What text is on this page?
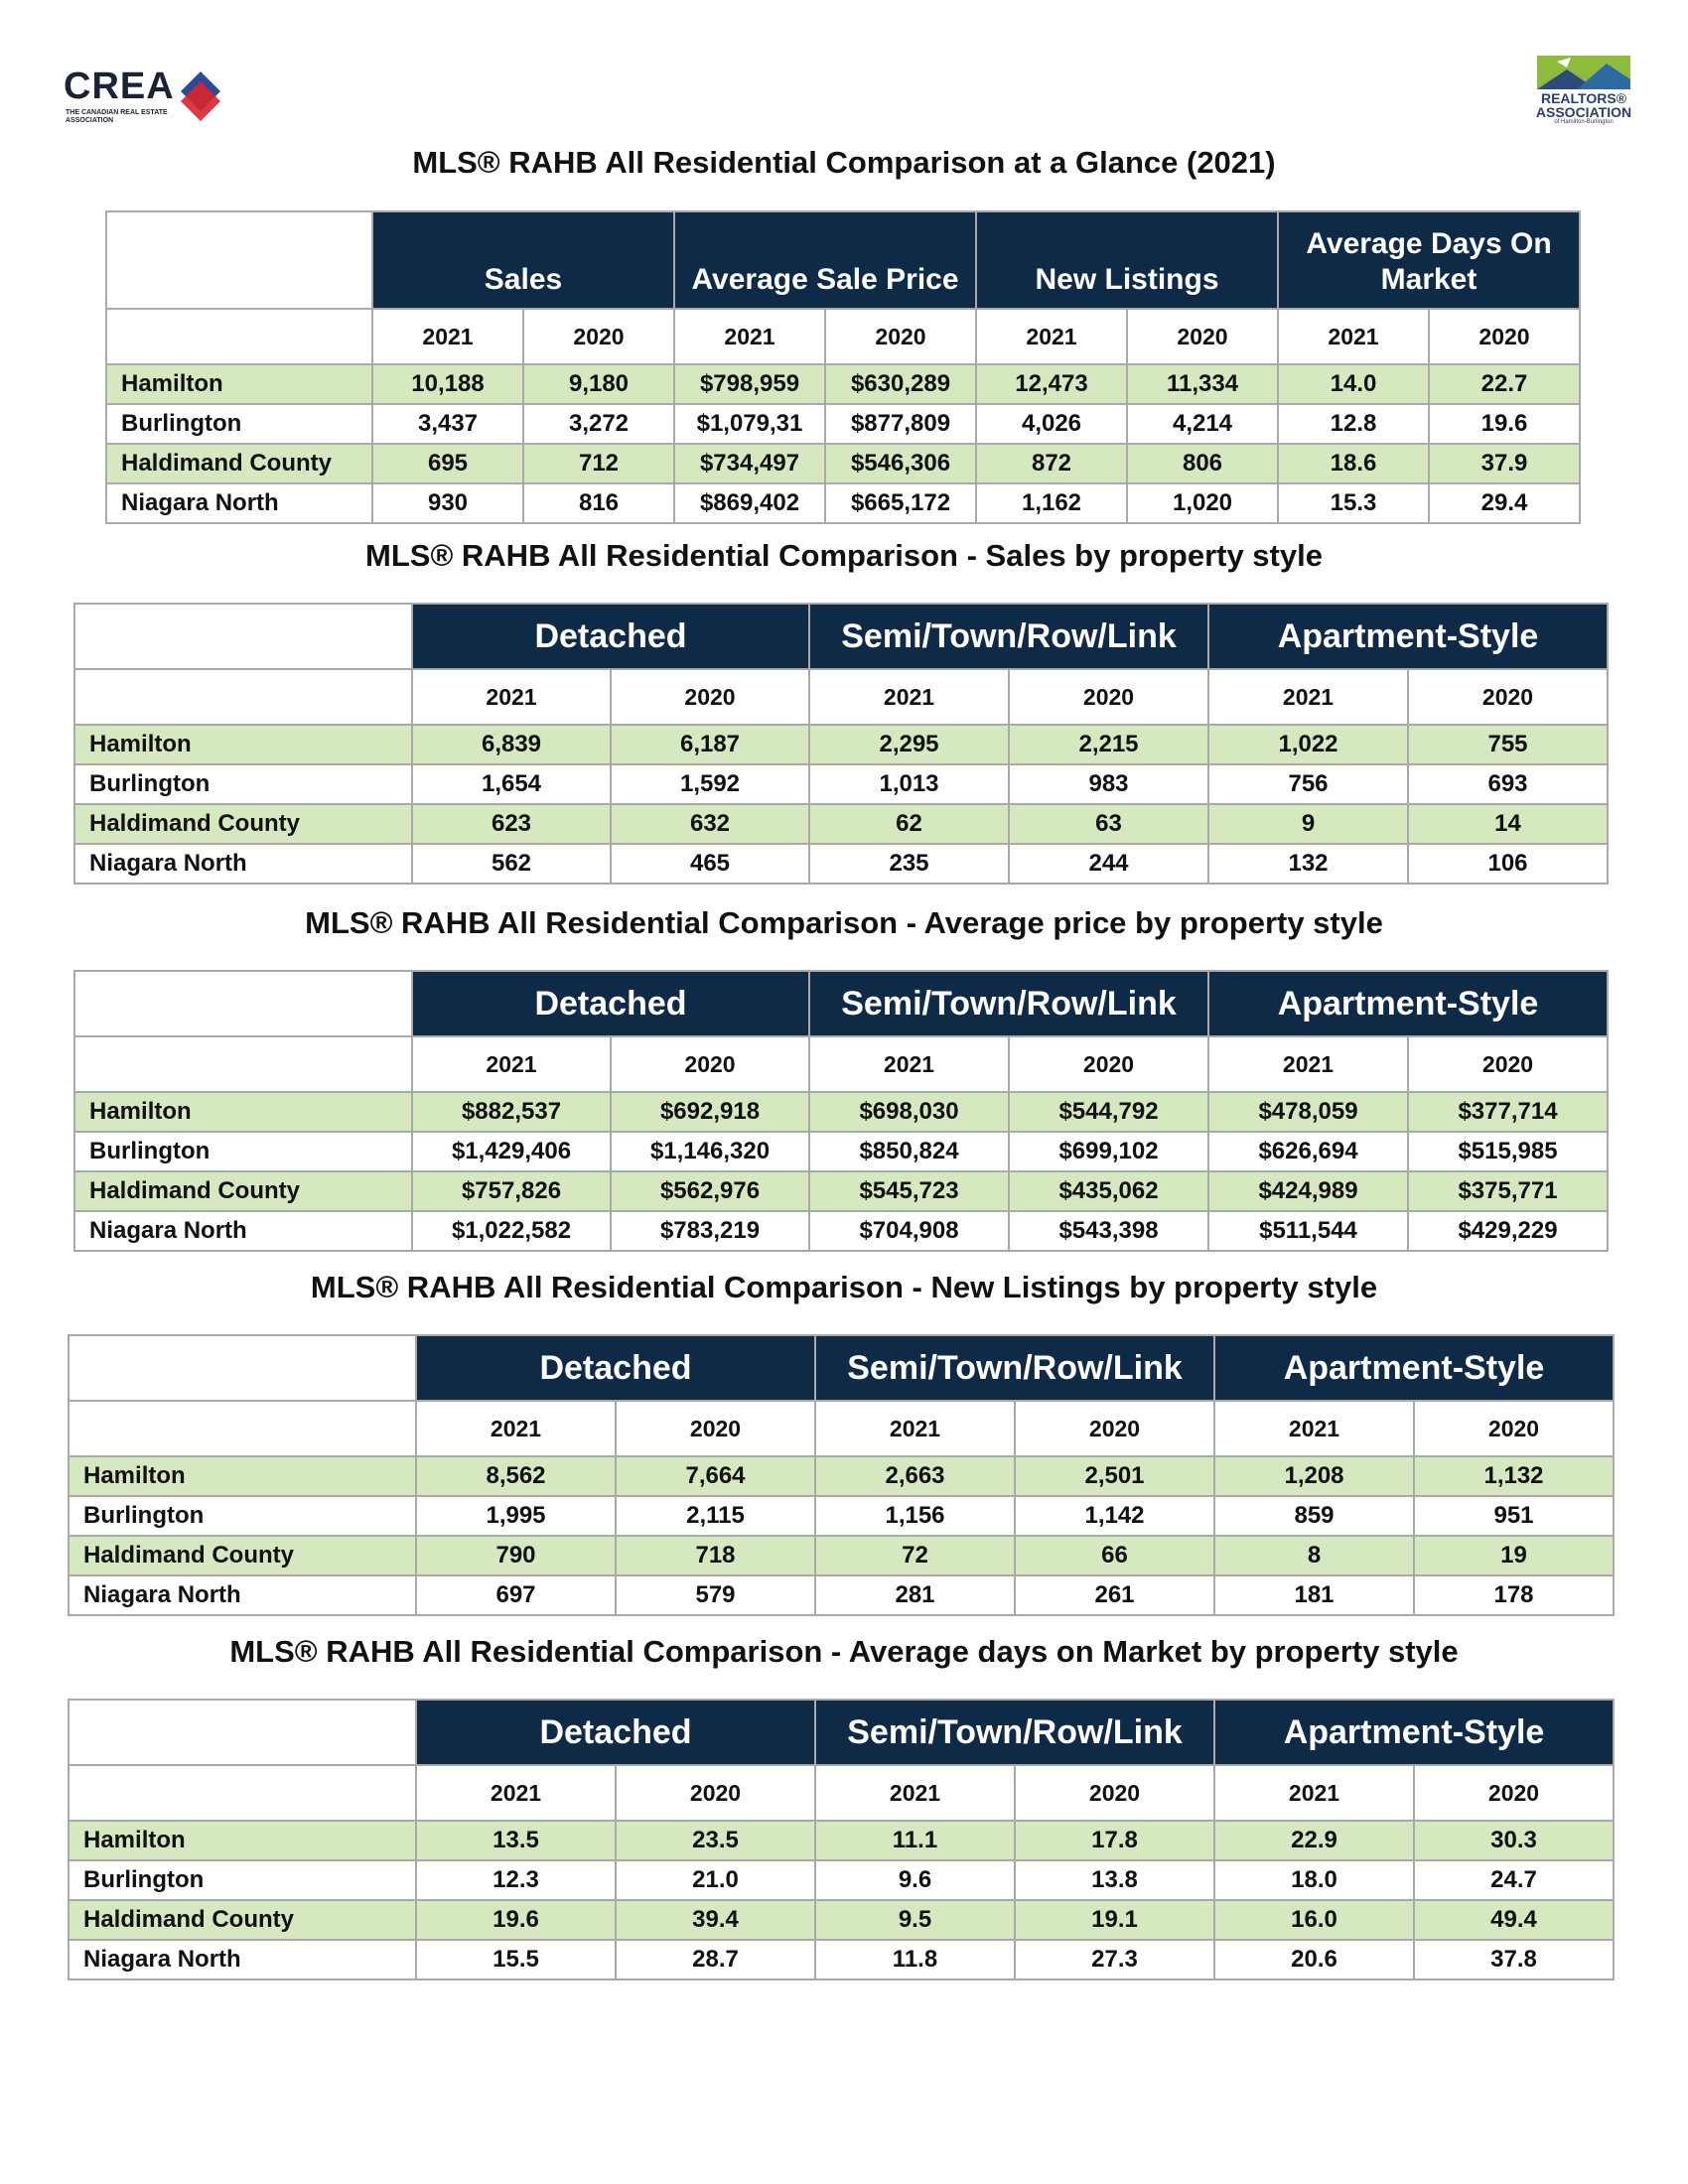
CREA
THE CANADIAN REAL ESTATE ASSOCIATION
REALTORS®
ASSOCIATION
of Hamilton-Burlington
MLS® RAHB All Residential Comparison at a Glance (2021)
	Sales		Average Sale Price		New Listings		Average Days On Market	
	2021	2020	2021	2020	2021	2020	2021	2020
Hamilton	10,188	9,180	$798,959	$630,289	12,473	11,334	14.0	22.7
Burlington	3,437	3,272	$1,079,31	$877,809	4,026	4,214	12.8	19.6
Haldimand County	695	712	$734,497	$546,306	872	806	18.6	37.9
Niagara North	930	816	$869,402	$665,172	1,162	1,020	15.3	29.4
MLS® RAHB All Residential Comparison - Sales by property style
	Detached		Semi/Town/Row/Link		Apartment-Style	
	2021	2020	2021	2020	2021	2020
Hamilton	6,839	6,187	2,295	2,215	1,022	755
Burlington	1,654	1,592	1,013	983	756	693
Haldimand County	623	632	62	63	9	14
Niagara North	562	465	235	244	132	106
MLS® RAHB All Residential Comparison - Average price by property style
	Detached		Semi/Town/Row/Link		Apartment-Style	
	2021	2020	2021	2020	2021	2020
Hamilton	$882,537	$692,918	$698,030	$544,792	$478,059	$377,714
Burlington	$1,429,406	$1,146,320	$850,824	$699,102	$626,694	$515,985
Haldimand County	$757,826	$562,976	$545,723	$435,062	$424,989	$375,771
Niagara North	$1,022,582	$783,219	$704,908	$543,398	$511,544	$429,229
MLS® RAHB All Residential Comparison - New Listings by property style
	Detached		Semi/Town/Row/Link		Apartment-Style	
	2021	2020	2021	2020	2021	2020
Hamilton	8,562	7,664	2,663	2,501	1,208	1,132
Burlington	1,995	2,115	1,156	1,142	859	951
Haldimand County	790	718	72	66	8	19
Niagara North	697	579	281	261	181	178
MLS® RAHB All Residential Comparison - Average days on Market by property style
	Detached		Semi/Town/Row/Link		Apartment-Style	
	2021	2020	2021	2020	2021	2020
Hamilton	13.5	23.5	11.1	17.8	22.9	30.3
Burlington	12.3	21.0	9.6	13.8	18.0	24.7
Haldimand County	19.6	39.4	9.5	19.1	16.0	49.4
Niagara North	15.5	28.7	11.8	27.3	20.6	37.8
